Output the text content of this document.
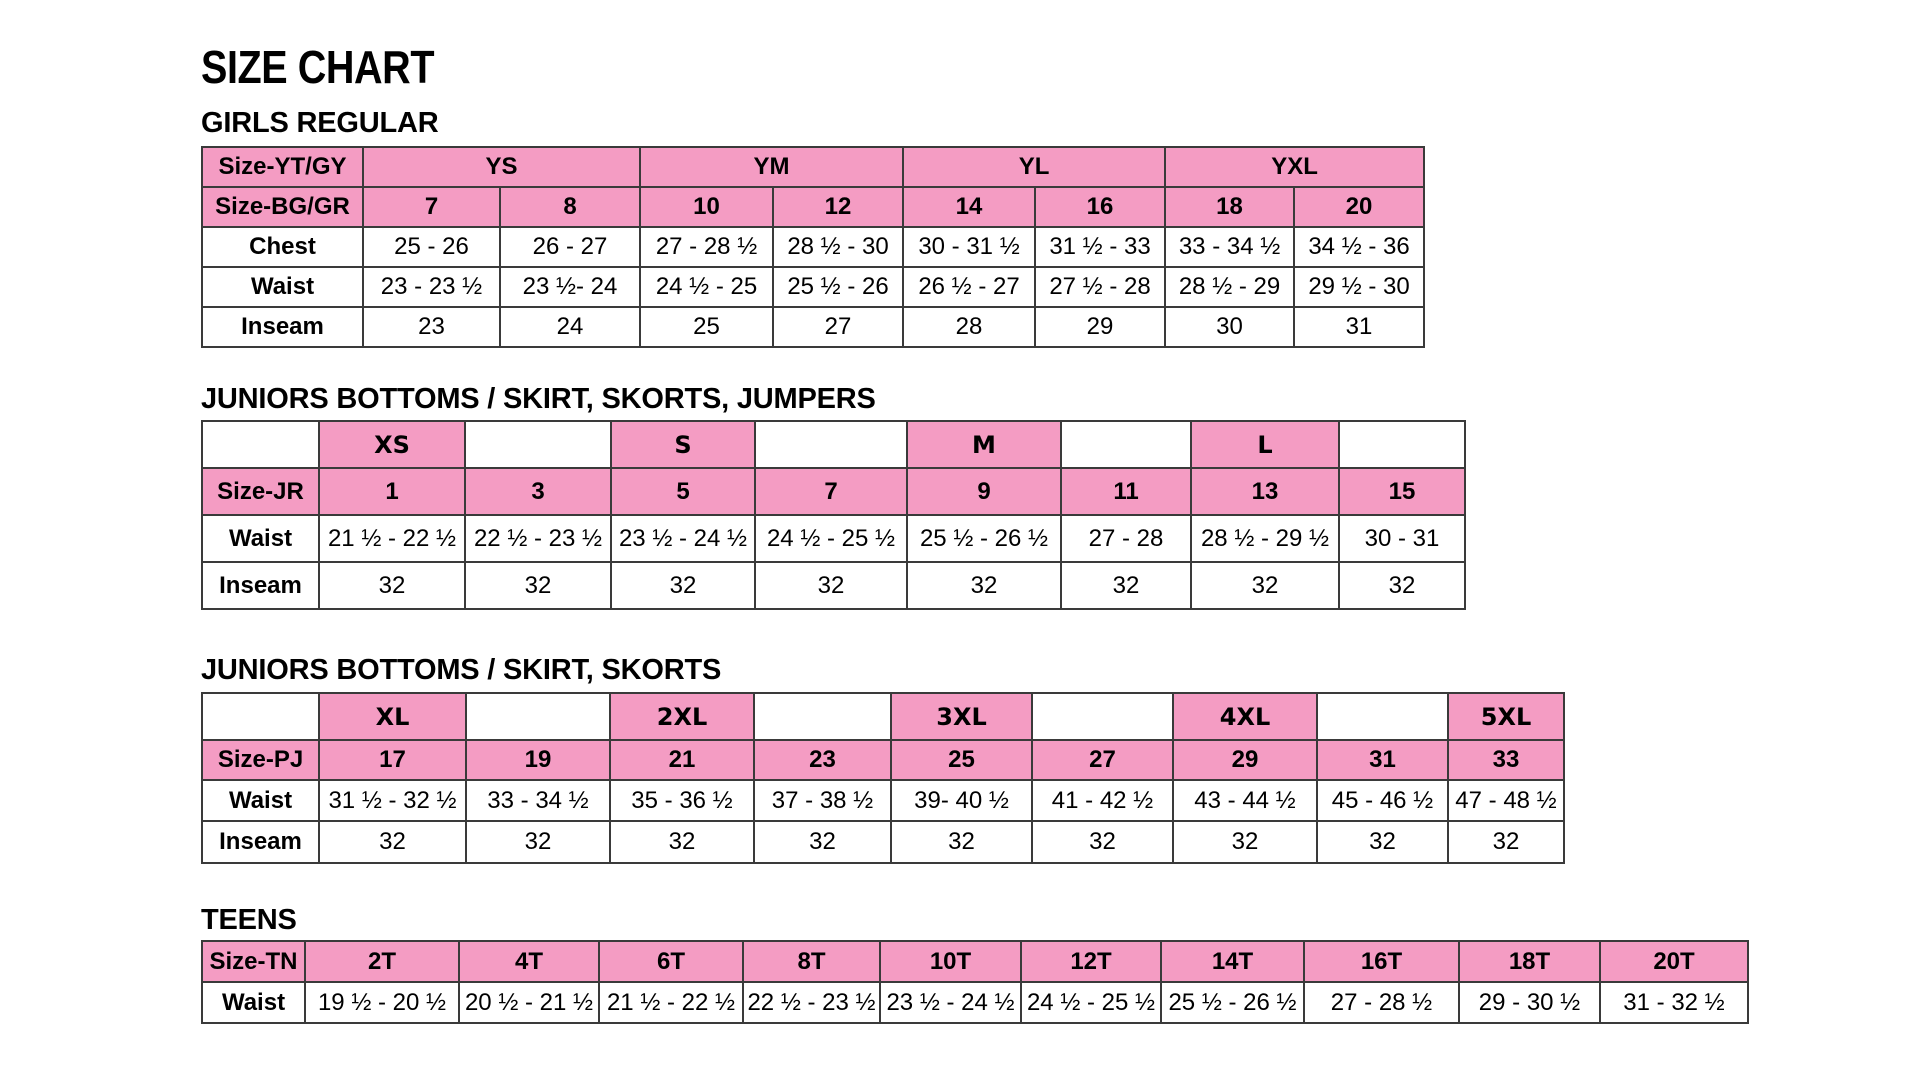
SIZE CHART
GIRLS REGULAR
Size-YT/GY	YS		YM		YL		YXL	
Size-BG/GR	7	8	10	12	14	16	18	20
Chest	25 - 26	26 - 27	27 - 28 ½	28 ½ - 30	30 - 31 ½	31 ½ - 33	33 - 34 ½	34 ½ - 36
Waist	23 - 23 ½	23 ½- 24	24 ½ - 25	25 ½ - 26	26 ½ - 27	27 ½ - 28	28 ½ - 29	29 ½ - 30
Inseam	23	24	25	27	28	29	30	31
JUNIORS BOTTOMS / SKIRT, SKORTS, JUMPERS
	XS		S		M		L	
Size-JR	1	3	5	7	9	11	13	15
Waist	21 ½ - 22 ½	22 ½ - 23 ½	23 ½ - 24 ½	24 ½ - 25 ½	25 ½ - 26 ½	27 - 28	28 ½ - 29 ½	30 - 31
Inseam	32	32	32	32	32	32	32	32
JUNIORS BOTTOMS / SKIRT, SKORTS
	XL		2XL		3XL		4XL		5XL
Size-PJ	17	19	21	23	25	27	29	31	33
Waist	31 ½ - 32 ½	33 - 34 ½	35 - 36 ½	37 - 38 ½	39- 40 ½	41 - 42 ½	43 - 44 ½	45 - 46 ½	47 - 48 ½
Inseam	32	32	32	32	32	32	32	32	32
TEENS
Size-TN	2T	4T	6T	8T	10T	12T	14T	16T	18T	20T
Waist	19 ½ - 20 ½	20 ½ - 21 ½	21 ½ - 22 ½	22 ½ - 23 ½	23 ½ - 24 ½	24 ½ - 25 ½	25 ½ - 26 ½	27 - 28 ½	29 - 30 ½	31 - 32 ½
